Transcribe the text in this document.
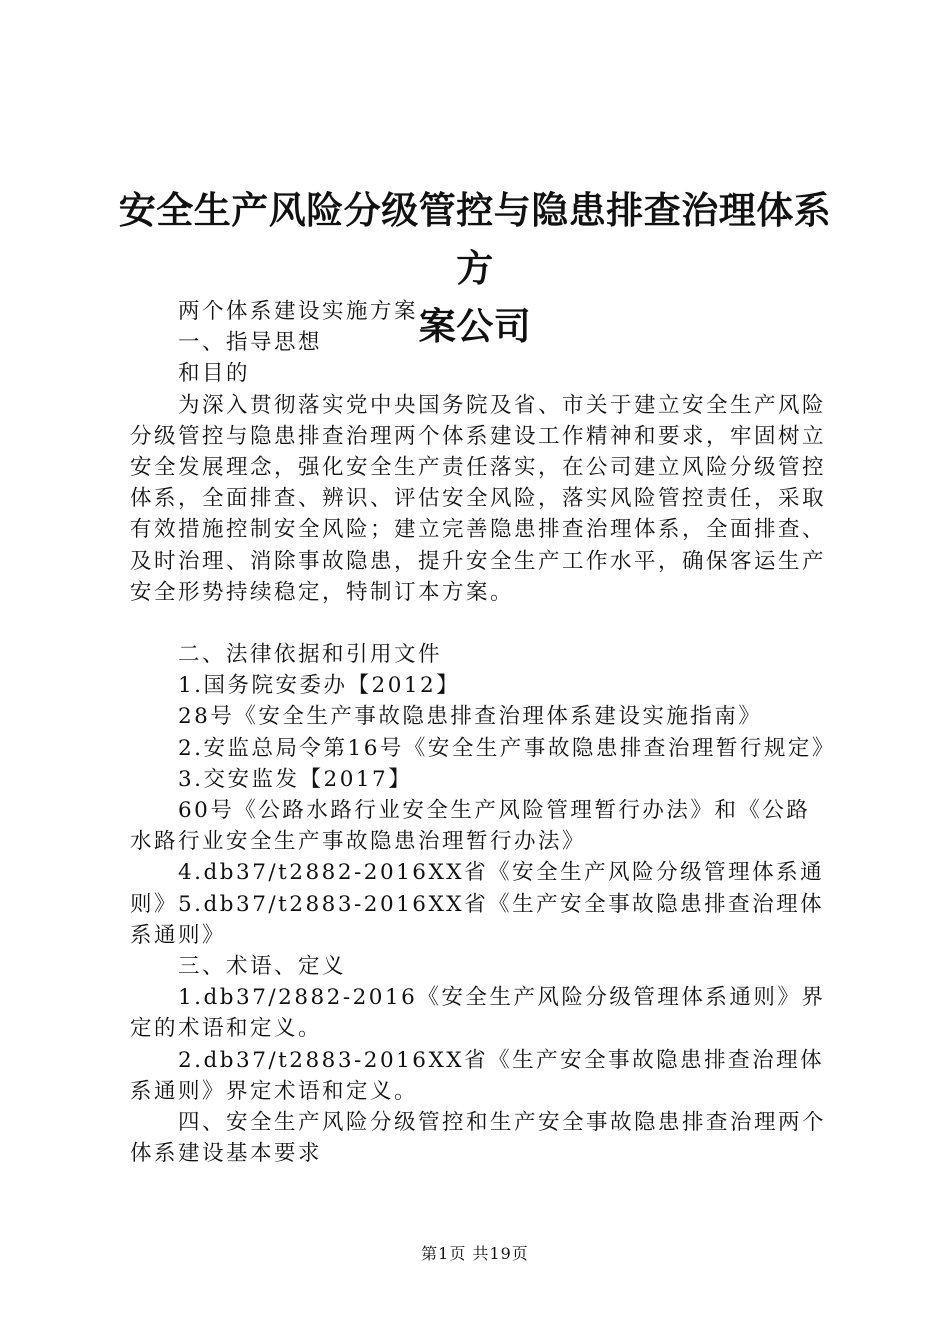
安全生产风险分级管控与隐患排查治理体系方
案公司

两个体系建设实施方案

一、指导思想

和目的

为深入贯彻落实党中央国务院及省、市关于建立安全生产风险分级管控与隐患排查治理两个体系建设工作精神和要求，牢固树立安全发展理念，强化安全生产责任落实，在公司建立风险分级管控体系，全面排查、辨识、评估安全风险，落实风险管控责任，采取有效措施控制安全风险；建立完善隐患排查治理体系，全面排查、及时治理、消除事故隐患，提升安全生产工作水平，确保客运生产安全形势持续稳定，特制订本方案。

二、法律依据和引用文件

1.国务院安委办【2012】

28号《安全生产事故隐患排查治理体系建设实施指南》

2.安监总局令第16号《安全生产事故隐患排查治理暂行规定》

3.交安监发【2017】

60号《公路水路行业安全生产风险管理暂行办法》和《公路水路行业安全生产事故隐患治理暂行办法》

4.db37/t2882-2016XX省《安全生产风险分级管理体系通则》5.db37/t2883-2016XX省《生产安全事故隐患排查治理体系通则》

三、术语、定义

1.db37/2882-2016《安全生产风险分级管理体系通则》界定的术语和定义。

2.db37/t2883-2016XX省《生产安全事故隐患排查治理体系通则》界定术语和定义。

四、安全生产风险分级管控和生产安全事故隐患排查治理两个体系建设基本要求

第1页 共19页
